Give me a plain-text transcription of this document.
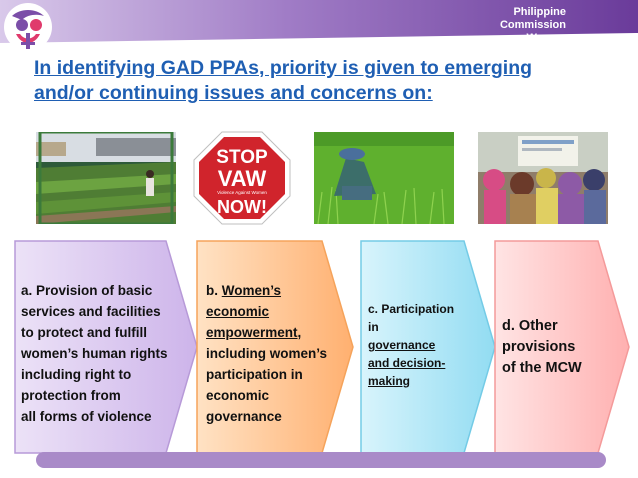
Philippine
Commission
on Women
In identifying GAD PPAs, priority is given to emerging
and/or continuing issues and concerns on:
STOP
VAW
Violence Against Women
NOW!
a. Provision of basic
services and facilities
to protect and fulfill
women’s human rights
including right to
protection from
all forms of violence
b. Women’s
economic
empowerment,
including women’s
participation in
economic
governance
c. Participation
in
governance
and decision-
making
d. Other
provisions
of the MCW
